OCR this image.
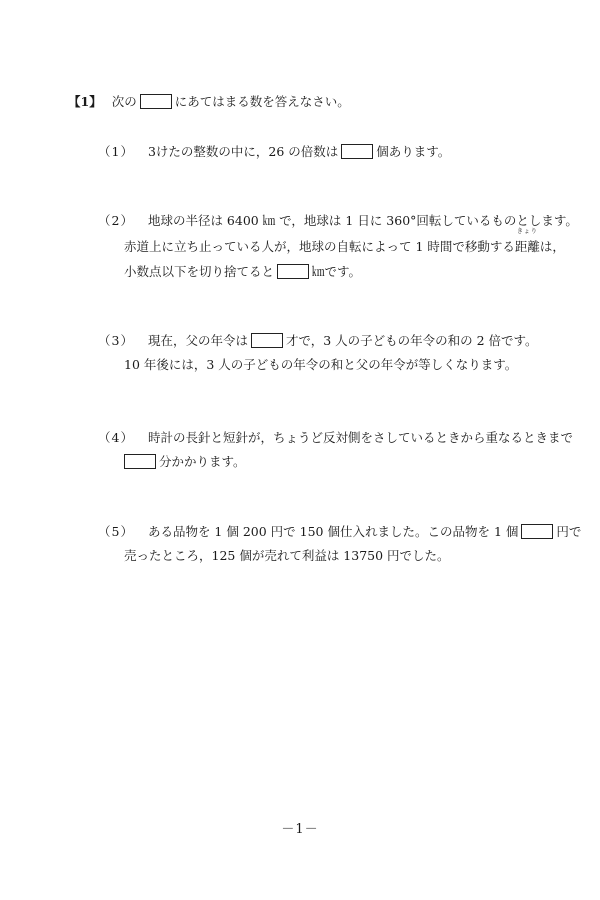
【1】 次の	にあてはまる数を答えなさい。
（1） 3けたの整数の中に，26 の倍数は	個あります。
（2） 地球の半径は 6400 ㎞ で，地球は 1 日に 360°回転しているものとします。
赤道上に立ち止っている人が，地球の自転によって 1 時間で移動する
きょり
距離は，
小数点以下を切り捨てると	㎞です。
（3） 現在，父の年令は	才で，3 人の子どもの年令の和の 2 倍です。
10 年後には，3 人の子どもの年令の和と父の年令が等しくなります。
（4） 時計の長針と短針が，ちょうど反対側をさしているときから重なるときまで
分かかります。
（5） ある品物を 1 個 200 円で 150 個仕入れました。この品物を 1 個	円で
売ったところ，125 個が売れて利益は 13750 円でした。
－1－
